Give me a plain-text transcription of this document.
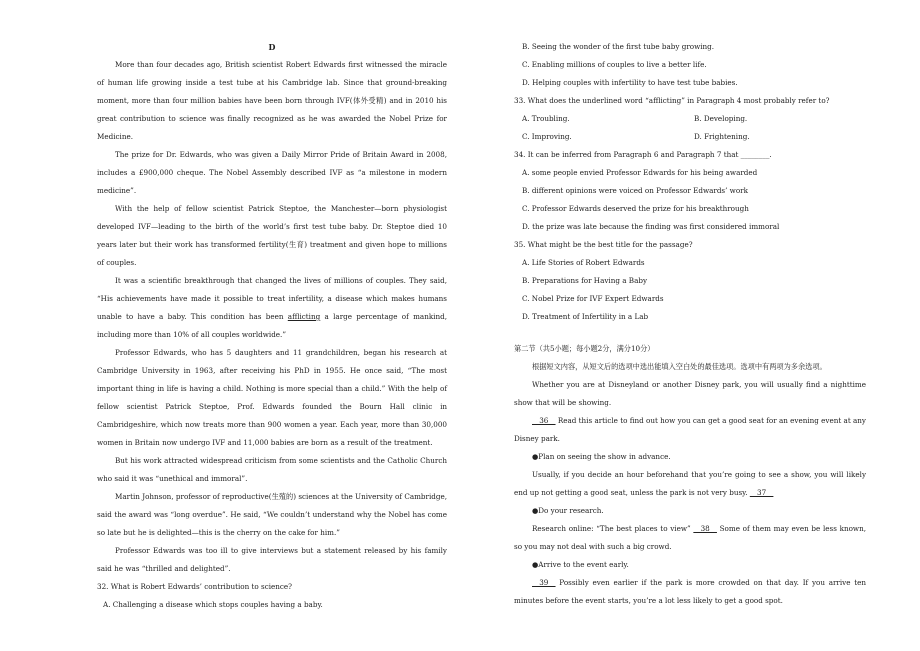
D

More than four decades ago, British scientist Robert Edwards first witnessed the miracle of human life growing inside a test tube at his Cambridge lab. Since that ground-breaking moment, more than four million babies have been born through IVF(体外受精) and in 2010 his great contribution to science was finally recognized as he was awarded the Nobel Prize for Medicine.

The prize for Dr. Edwards, who was given a Daily Mirror Pride of Britain Award in 2008, includes a £900,000 cheque. The Nobel Assembly described IVF as “a milestone in modern medicine”.

With the help of fellow scientist Patrick Steptoe, the Manchester—born physiologist developed IVF—leading to the birth of the world’s first test tube baby. Dr. Steptoe died 10 years later but their work has transformed fertility(生育) treatment and given hope to millions of couples.

It was a scientific breakthrough that changed the lives of millions of couples. They said, “His achievements have made it possible to treat infertility, a disease which makes humans unable to have a baby. This condition has been afflicting a large percentage of mankind, including more than 10% of all couples worldwide.”

Professor Edwards, who has 5 daughters and 11 grandchildren, began his research at Cambridge University in 1963, after receiving his PhD in 1955. He once said, “The most important thing in life is having a child. Nothing is more special than a child.” With the help of fellow scientist Patrick Steptoe, Prof. Edwards founded the Bourn Hall clinic in Cambridgeshire, which now treats more than 900 women a year. Each year, more than 30,000 women in Britain now undergo IVF and 11,000 babies are born as a result of the treatment.

But his work attracted widespread criticism from some scientists and the Catholic Church who said it was “unethical and immoral”.

Martin Johnson, professor of reproductive(生殖的) sciences at the University of Cambridge, said the award was “long overdue”. He said, “We couldn’t understand why the Nobel has come so late but he is delighted—this is the cherry on the cake for him.”

Professor Edwards was too ill to give interviews but a statement released by his family said he was “thrilled and delighted”.

32. What is Robert Edwards’ contribution to science?

A. Challenging a disease which stops couples having a baby.

B. Seeing the wonder of the first tube baby growing.

C. Enabling millions of couples to live a better life.

D. Helping couples with infertility to have test tube babies.

33. What does the underlined word “afflicting” in Paragraph 4 most probably refer to?

A. Troubling.	B. Developing.
C. Improving.	D. Frightening.

34. It can be inferred from Paragraph 6 and Paragraph 7 that ________.

A. some people envied Professor Edwards for his being awarded

B. different opinions were voiced on Professor Edwards’ work

C. Professor Edwards deserved the prize for his breakthrough

D. the prize was late because the finding was first considered immoral

35. What might be the best title for the passage?

A. Life Stories of Robert Edwards

B. Preparations for Having a Baby

C. Nobel Prize for IVF Expert Edwards

D. Treatment of Infertility in a Lab

第二节（共5小题；每小题2分，满分10分）

根据短文内容，从短文后的选项中选出能填入空白处的最佳选项。选项中有两项为多余选项。

Whether you are at Disneyland or another Disney park, you will usually find a nighttime show that will be showing.

__36__ Read this article to find out how you can get a good seat for an evening event at any Disney park.

●Plan on seeing the show in advance.

Usually, if you decide an hour beforehand that you’re going to see a show, you will likely end up not getting a good seat, unless the park is not very busy. __37__

●Do your research.

Research online: “The best places to view” __38__ Some of them may even be less known, so you may not deal with such a big crowd.

●Arrive to the event early.

__39__ Possibly even earlier if the park is more crowded on that day. If you arrive ten minutes before the event starts, you’re a lot less likely to get a good spot.
